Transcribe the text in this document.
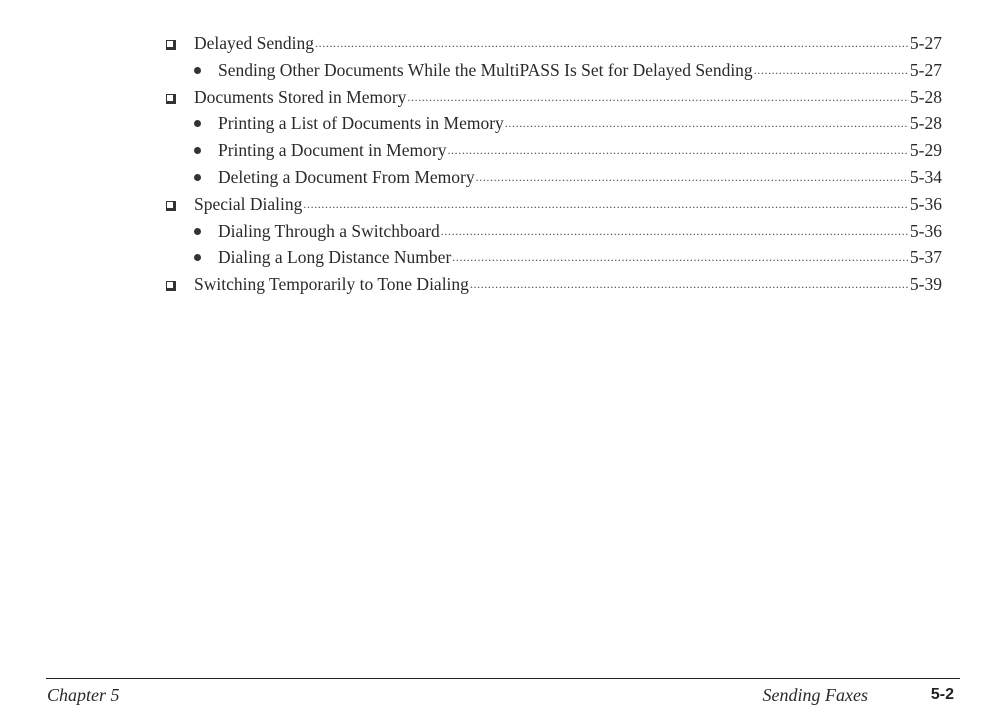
Delayed Sending .....	5-27
Sending Other Documents While the MultiPASS Is Set for Delayed Sending .....	5-27
Documents Stored in Memory .....	5-28
Printing a List of Documents in Memory .....	5-28
Printing a Document in Memory .....	5-29
Deleting a Document From Memory .....	5-34
Special Dialing .....	5-36
Dialing Through a Switchboard .....	5-36
Dialing a Long Distance Number .....	5-37
Switching Temporarily to Tone Dialing .....	5-39
Chapter 5	Sending Faxes	5-2
